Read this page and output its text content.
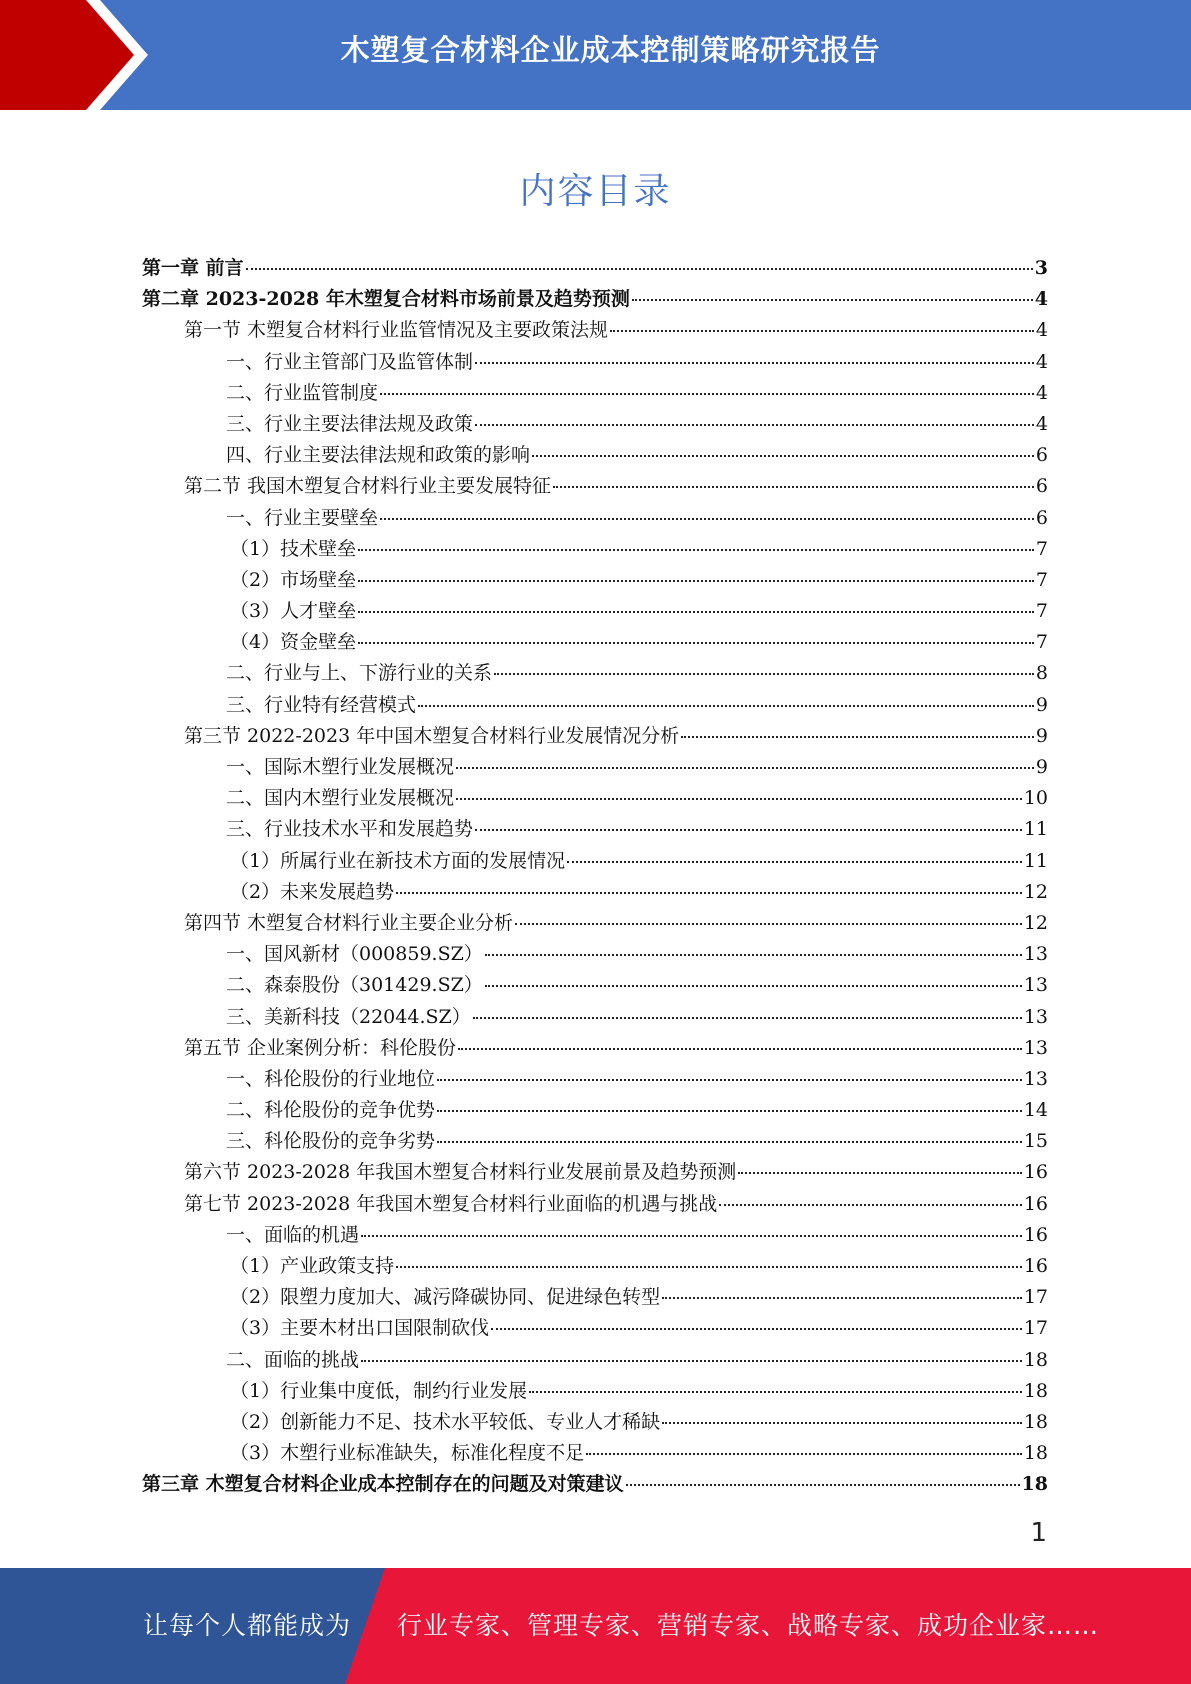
木塑复合材料企业成本控制策略研究报告
内容目录
第一章 前言	3
第二章 2023-2028 年木塑复合材料市场前景及趋势预测	4
第一节 木塑复合材料行业监管情况及主要政策法规	4
一、行业主管部门及监管体制	4
二、行业监管制度	4
三、行业主要法律法规及政策	4
四、行业主要法律法规和政策的影响	6
第二节 我国木塑复合材料行业主要发展特征	6
一、行业主要壁垒	6
（1）技术壁垒	7
（2）市场壁垒	7
（3）人才壁垒	7
（4）资金壁垒	7
二、行业与上、下游行业的关系	8
三、行业特有经营模式	9
第三节 2022-2023 年中国木塑复合材料行业发展情况分析	9
一、国际木塑行业发展概况	9
二、国内木塑行业发展概况	10
三、行业技术水平和发展趋势	11
（1）所属行业在新技术方面的发展情况	11
（2）未来发展趋势	12
第四节 木塑复合材料行业主要企业分析	12
一、国风新材（000859.SZ）	13
二、森泰股份（301429.SZ）	13
三、美新科技（22044.SZ）	13
第五节 企业案例分析：科伦股份	13
一、科伦股份的行业地位	13
二、科伦股份的竞争优势	14
三、科伦股份的竞争劣势	15
第六节 2023-2028 年我国木塑复合材料行业发展前景及趋势预测	16
第七节 2023-2028 年我国木塑复合材料行业面临的机遇与挑战	16
一、面临的机遇	16
（1）产业政策支持	16
（2）限塑力度加大、减污降碳协同、促进绿色转型	17
（3）主要木材出口国限制砍伐	17
二、面临的挑战	18
（1）行业集中度低，制约行业发展	18
（2）创新能力不足、技术水平较低、专业人才稀缺	18
（3）木塑行业标准缺失，标准化程度不足	18
第三章 木塑复合材料企业成本控制存在的问题及对策建议	18
1
让每个人都能成为 行业专家、管理专家、营销专家、战略专家、成功企业家……
